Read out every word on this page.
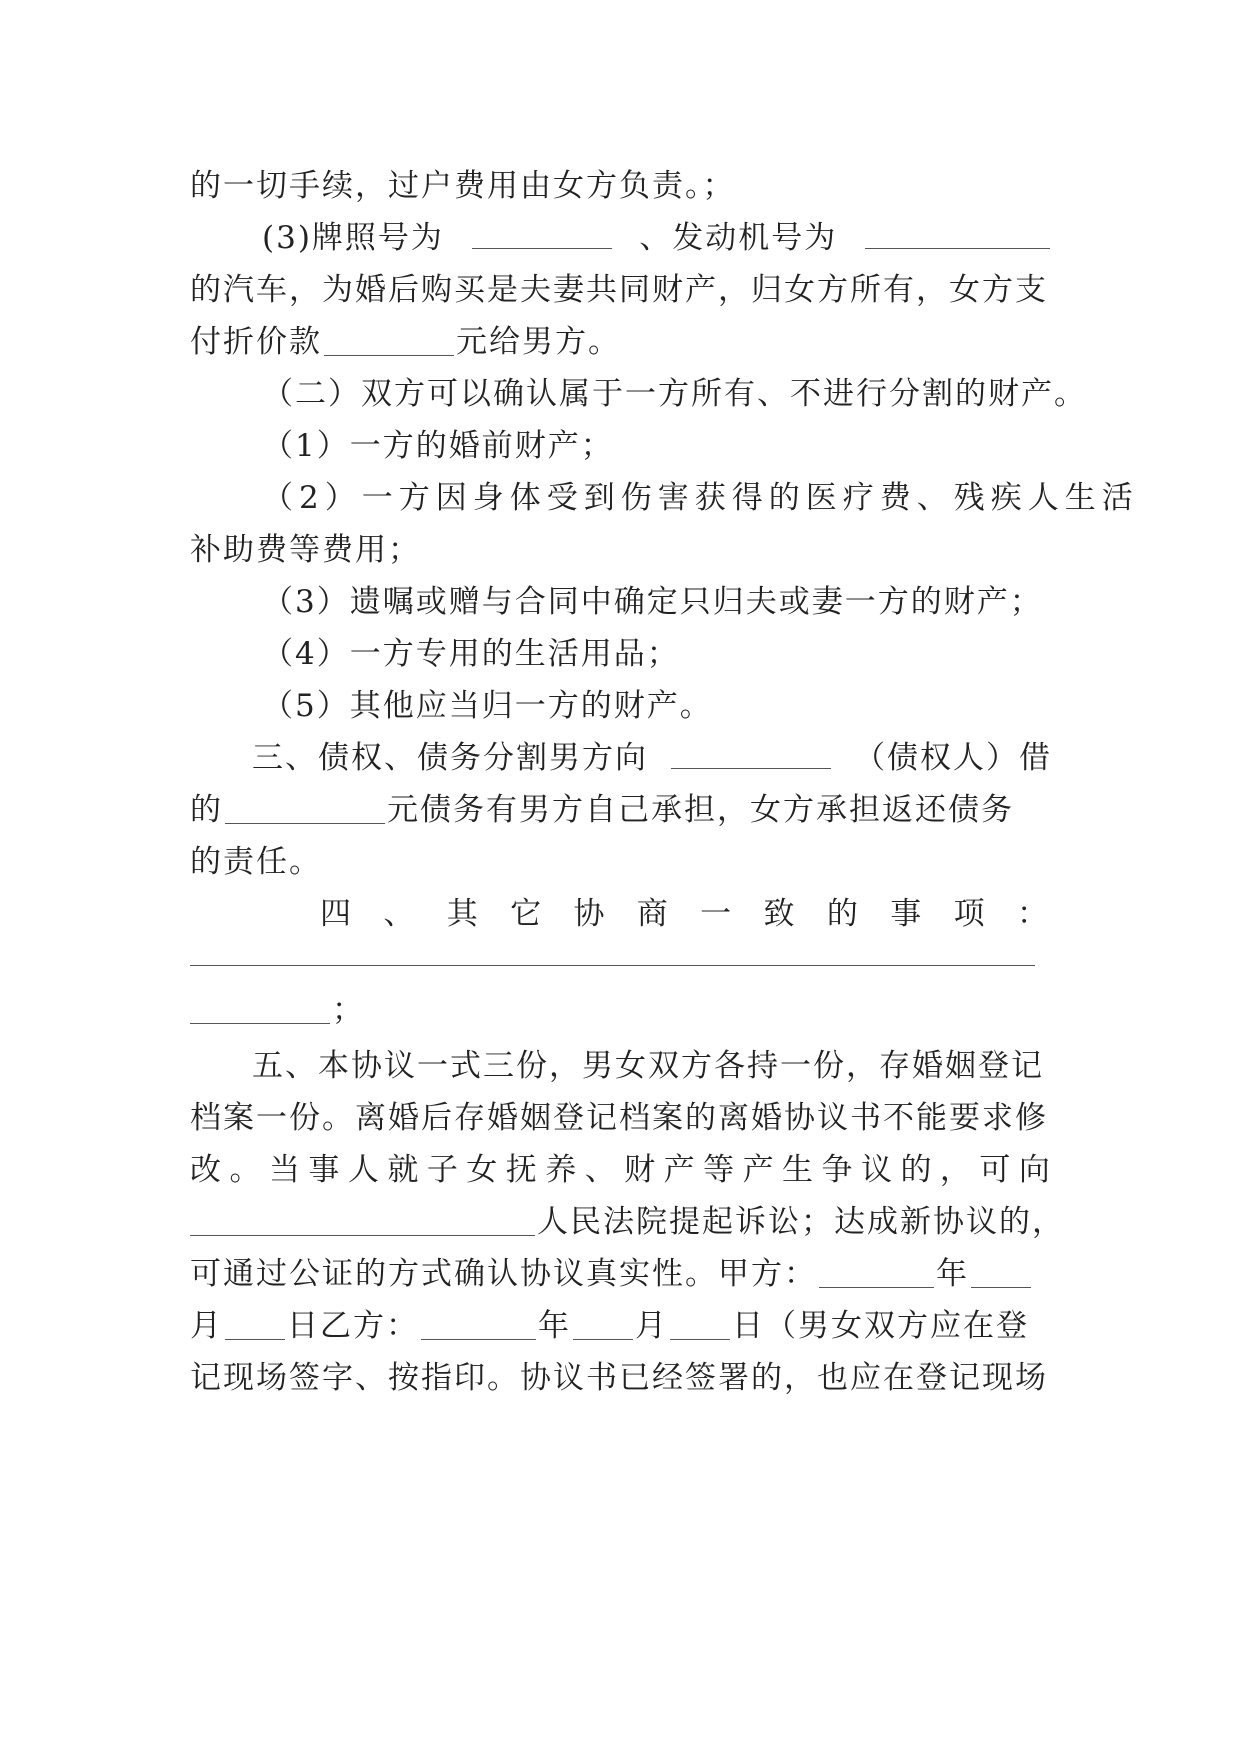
的一切手续，过户费用由女方负责。；
(3)牌照号为	、发动机号为
的汽车，为婚后购买是夫妻共同财产，归女方所有，女方支
付折价款	元给男方。
（二）双方可以确认属于一方所有、不进行分割的财产。
（1）一方的婚前财产；
（2）一方因身体受到伤害获得的医疗费、残疾人生活
补助费等费用；
（3）遗嘱或赠与合同中确定只归夫或妻一方的财产；
（4）一方专用的生活用品；
（5）其他应当归一方的财产。
三、债权、债务分割男方向	（债权人）借
的	元债务有男方自己承担，女方承担返还债务
的责任。
四 、 其 它 协 商 一 致 的 事 项 ：
；
五、本协议一式三份，男女双方各持一份，存婚姻登记
档案一份。离婚后存婚姻登记档案的离婚协议书不能要求修
改 。 当 事 人 就 子 女 抚 养 、 财 产 等 产 生 争 议 的 ， 可 向
人民法院提起诉讼；达成新协议的，
可通过公证的方式确认协议真实性。甲方：	年
月 日乙方：	年 月 日（男女双方应在登
记现场签字、按指印。协议书已经签署的，也应在登记现场
